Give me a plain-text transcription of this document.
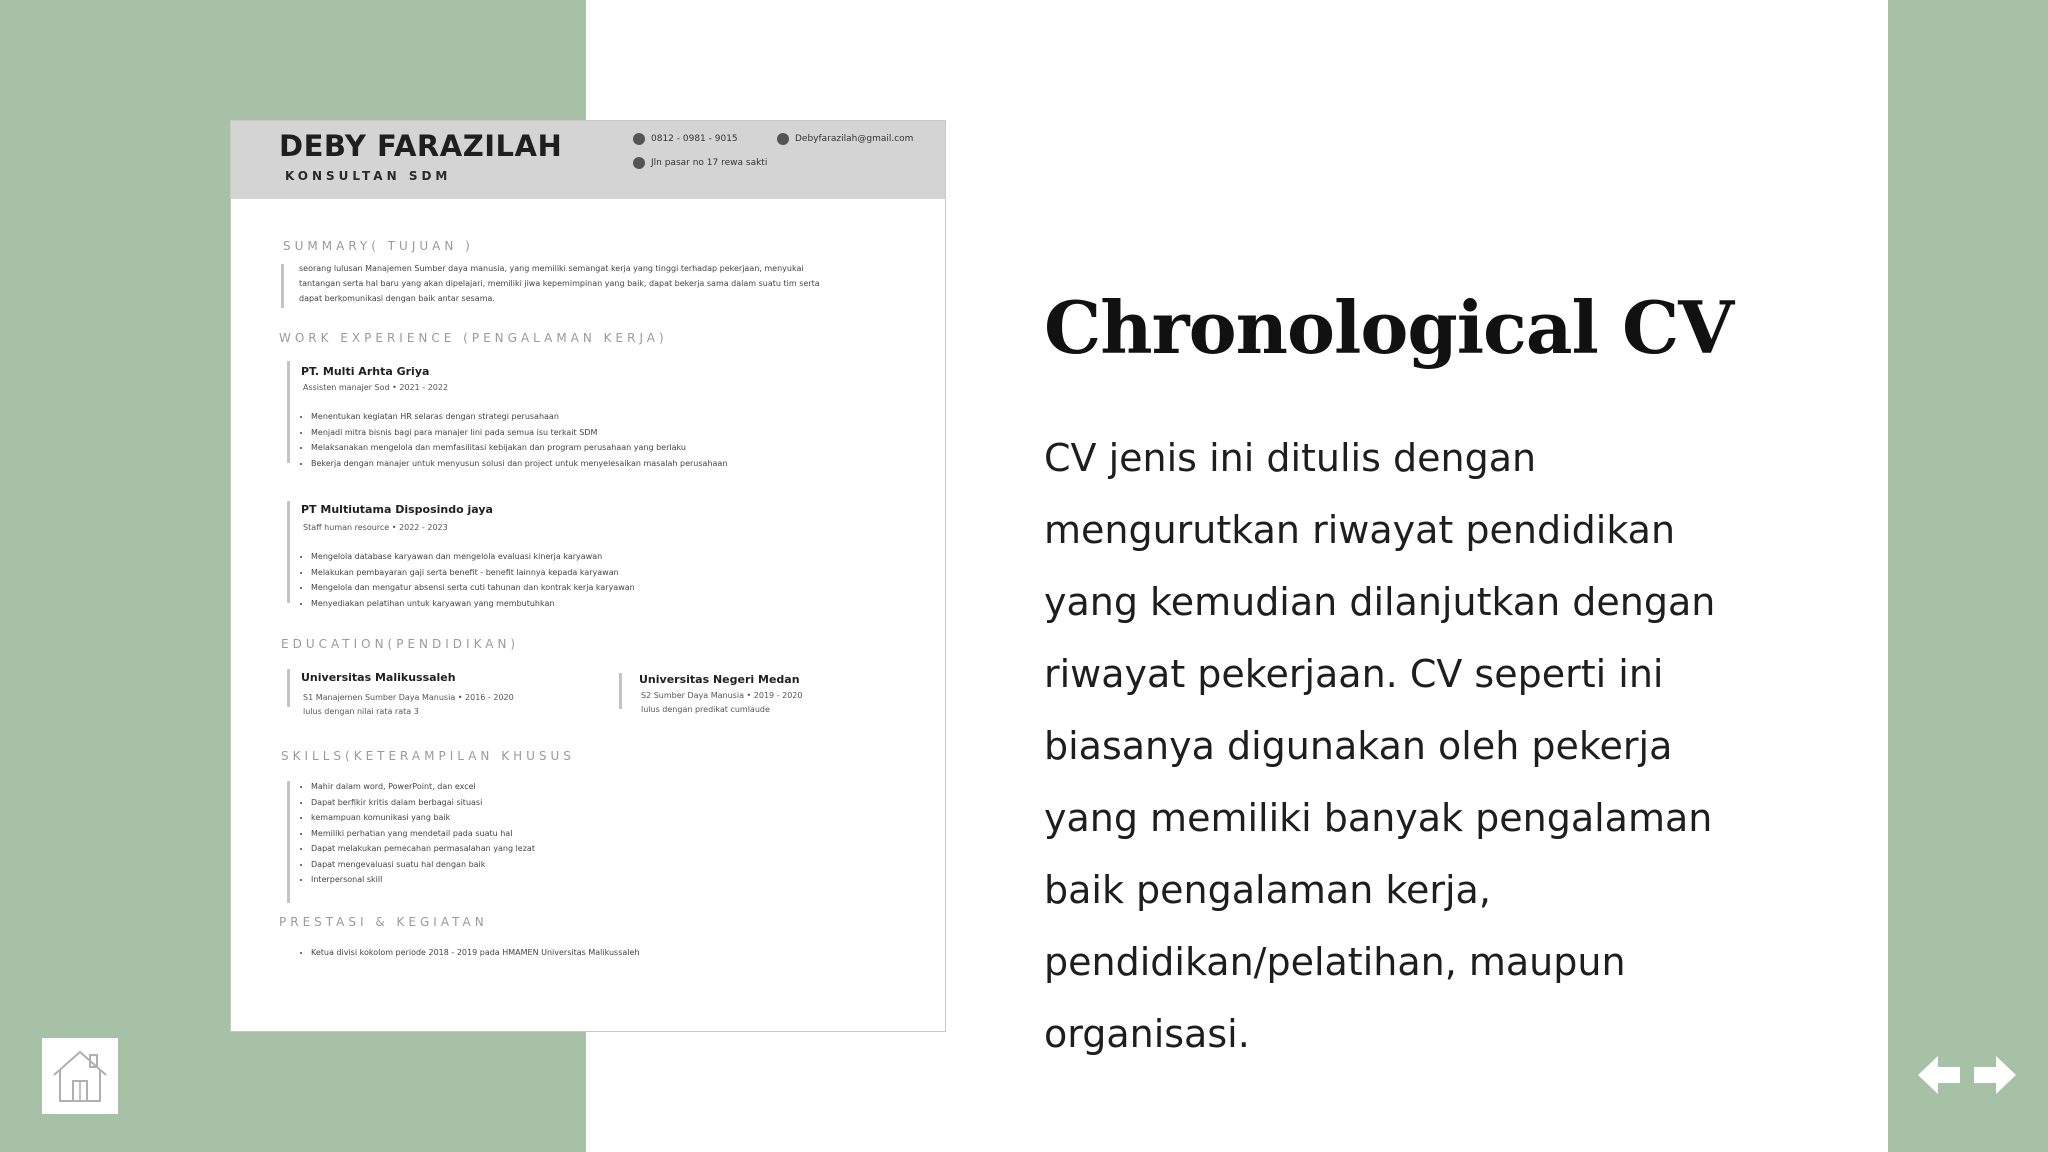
DEBY FARAZILAH
KONSULTAN SDM
0812 - 0981 - 9015	Debyfarazilah@gmail.com
Jln pasar no 17 rewa sakti
SUMMARY( TUJUAN )
seorang lulusan Manajemen Sumber daya manusia, yang memiliki semangat kerja yang tinggi terhadap pekerjaan, menyukai
tantangan serta hal baru yang akan dipelajari, memiliki jiwa kepemimpinan yang baik, dapat bekerja sama dalam suatu tim serta
dapat berkomunikasi dengan baik antar sesama.
WORK EXPERIENCE (PENGALAMAN KERJA)
PT. Multi Arhta Griya
Assisten manajer Sod • 2021 - 2022
• Menentukan kegiatan HR selaras dengan strategi perusahaan
• Menjadi mitra bisnis bagi para manajer lini pada semua isu terkait SDM
• Melaksanakan mengelola dan memfasilitasi kebijakan dan program perusahaan yang berlaku
• Bekerja dengan manajer untuk menyusun solusi dan project untuk menyelesaikan masalah perusahaan
PT Multiutama Disposindo jaya
Staff human resource • 2022 - 2023
• Mengelola database karyawan dan mengelola evaluasi kinerja karyawan
• Melakukan pembayaran gaji serta benefit - benefit lainnya kepada karyawan
• Mengelola dan mengatur absensi serta cuti tahunan dan kontrak kerja karyawan
• Menyediakan pelatihan untuk karyawan yang membutuhkan
EDUCATION(PENDIDIKAN)
Universitas Malikussaleh
S1 Manajemen Sumber Daya Manusia • 2016 - 2020
lulus dengan nilai rata rata 3
Universitas Negeri Medan
S2 Sumber Daya Manusia • 2019 - 2020
lulus dengan predikat cumlaude
SKILLS(KETERAMPILAN KHUSUS
• Mahir dalam word, PowerPoint, dan excel
• Dapat berfikir kritis dalam berbagai situasi
• kemampuan komunikasi yang baik
• Memiliki perhatian yang mendetail pada suatu hal
• Dapat melakukan pemecahan permasalahan yang lezat
• Dapat mengevaluasi suatu hal dengan baik
• Interpersonal skill
PRESTASI & KEGIATAN
• Ketua divisi kokolom periode 2018 - 2019 pada HMAMEN Universitas Malikussaleh
Chronological CV
CV jenis ini ditulis dengan
mengurutkan riwayat pendidikan
yang kemudian dilanjutkan dengan
riwayat pekerjaan. CV seperti ini
biasanya digunakan oleh pekerja
yang memiliki banyak pengalaman
baik pengalaman kerja,
pendidikan/pelatihan, maupun
organisasi.
